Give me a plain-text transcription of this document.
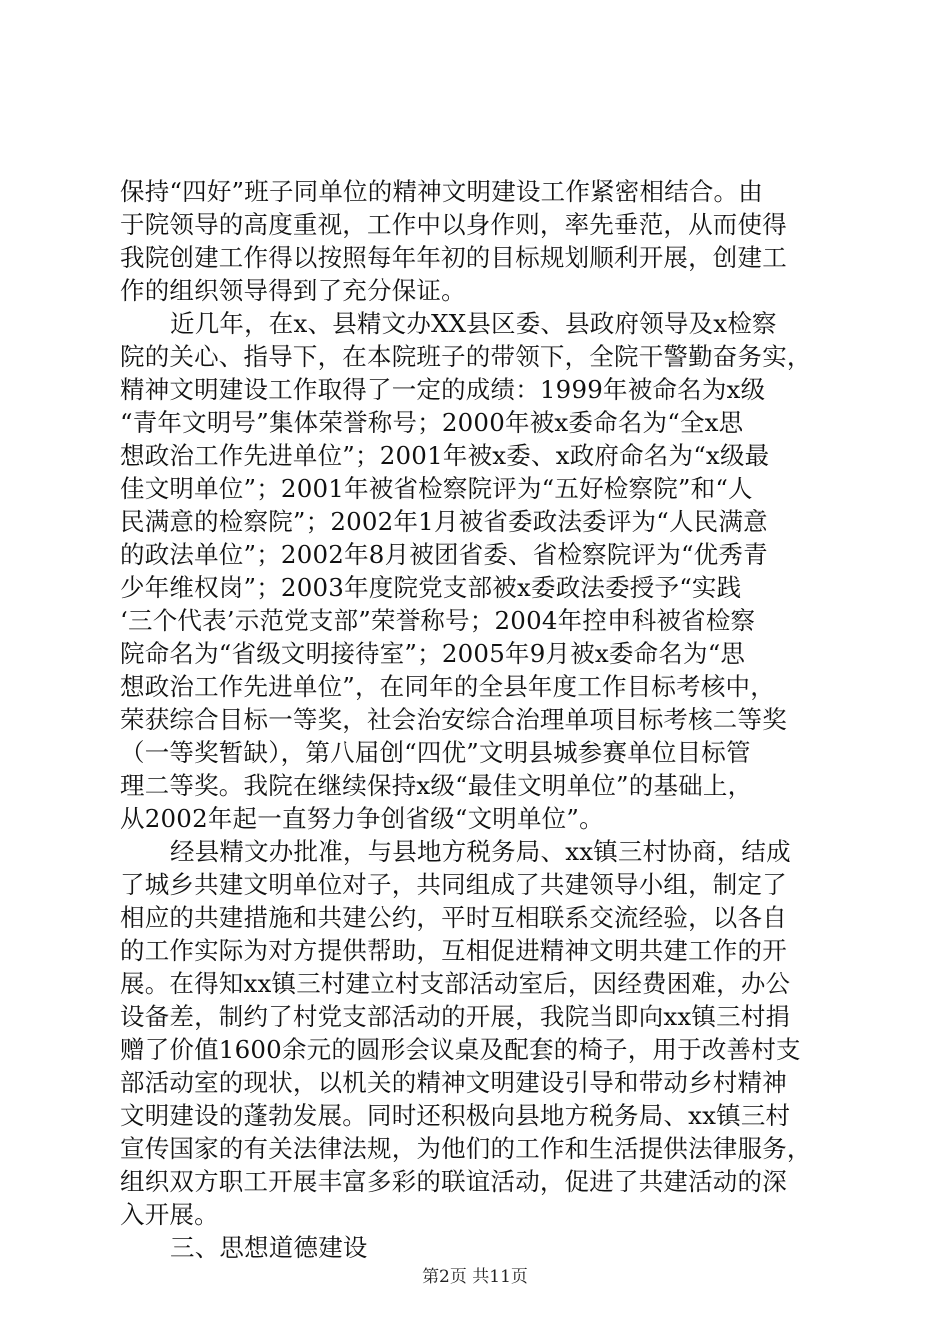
保持“四好”班子同单位的精神文明建设工作紧密相结合。由
于院领导的高度重视，工作中以身作则，率先垂范，从而使得
我院创建工作得以按照每年年初的目标规划顺利开展，创建工
作的组织领导得到了充分保证。
近几年，在x、县精文办XX县区委、县政府领导及x检察
院的关心、指导下，在本院班子的带领下，全院干警勤奋务实，
精神文明建设工作取得了一定的成绩：1999年被命名为x级
“青年文明号”集体荣誉称号；2000年被x委命名为“全x思
想政治工作先进单位”；2001年被x委、x政府命名为“x级最
佳文明单位”；2001年被省检察院评为“五好检察院”和“人
民满意的检察院”；2002年1月被省委政法委评为“人民满意
的政法单位”；2002年8月被团省委、省检察院评为“优秀青
少年维权岗”；2003年度院党支部被x委政法委授予“实践
‘三个代表’示范党支部”荣誉称号；2004年控申科被省检察
院命名为“省级文明接待室”；2005年9月被x委命名为“思
想政治工作先进单位”，在同年的全县年度工作目标考核中，
荣获综合目标一等奖，社会治安综合治理单项目标考核二等奖
（一等奖暂缺），第八届创“四优”文明县城参赛单位目标管
理二等奖。我院在继续保持x级“最佳文明单位”的基础上，
从2002年起一直努力争创省级“文明单位”。
经县精文办批准，与县地方税务局、xx镇三村协商，结成
了城乡共建文明单位对子，共同组成了共建领导小组，制定了
相应的共建措施和共建公约，平时互相联系交流经验，以各自
的工作实际为对方提供帮助，互相促进精神文明共建工作的开
展。在得知xx镇三村建立村支部活动室后，因经费困难，办公
设备差，制约了村党支部活动的开展，我院当即向xx镇三村捐
赠了价值1600余元的圆形会议桌及配套的椅子，用于改善村支
部活动室的现状，以机关的精神文明建设引导和带动乡村精神
文明建设的蓬勃发展。同时还积极向县地方税务局、xx镇三村
宣传国家的有关法律法规，为他们的工作和生活提供法律服务，
组织双方职工开展丰富多彩的联谊活动，促进了共建活动的深
入开展。
三、思想道德建设
第2页 共11页
